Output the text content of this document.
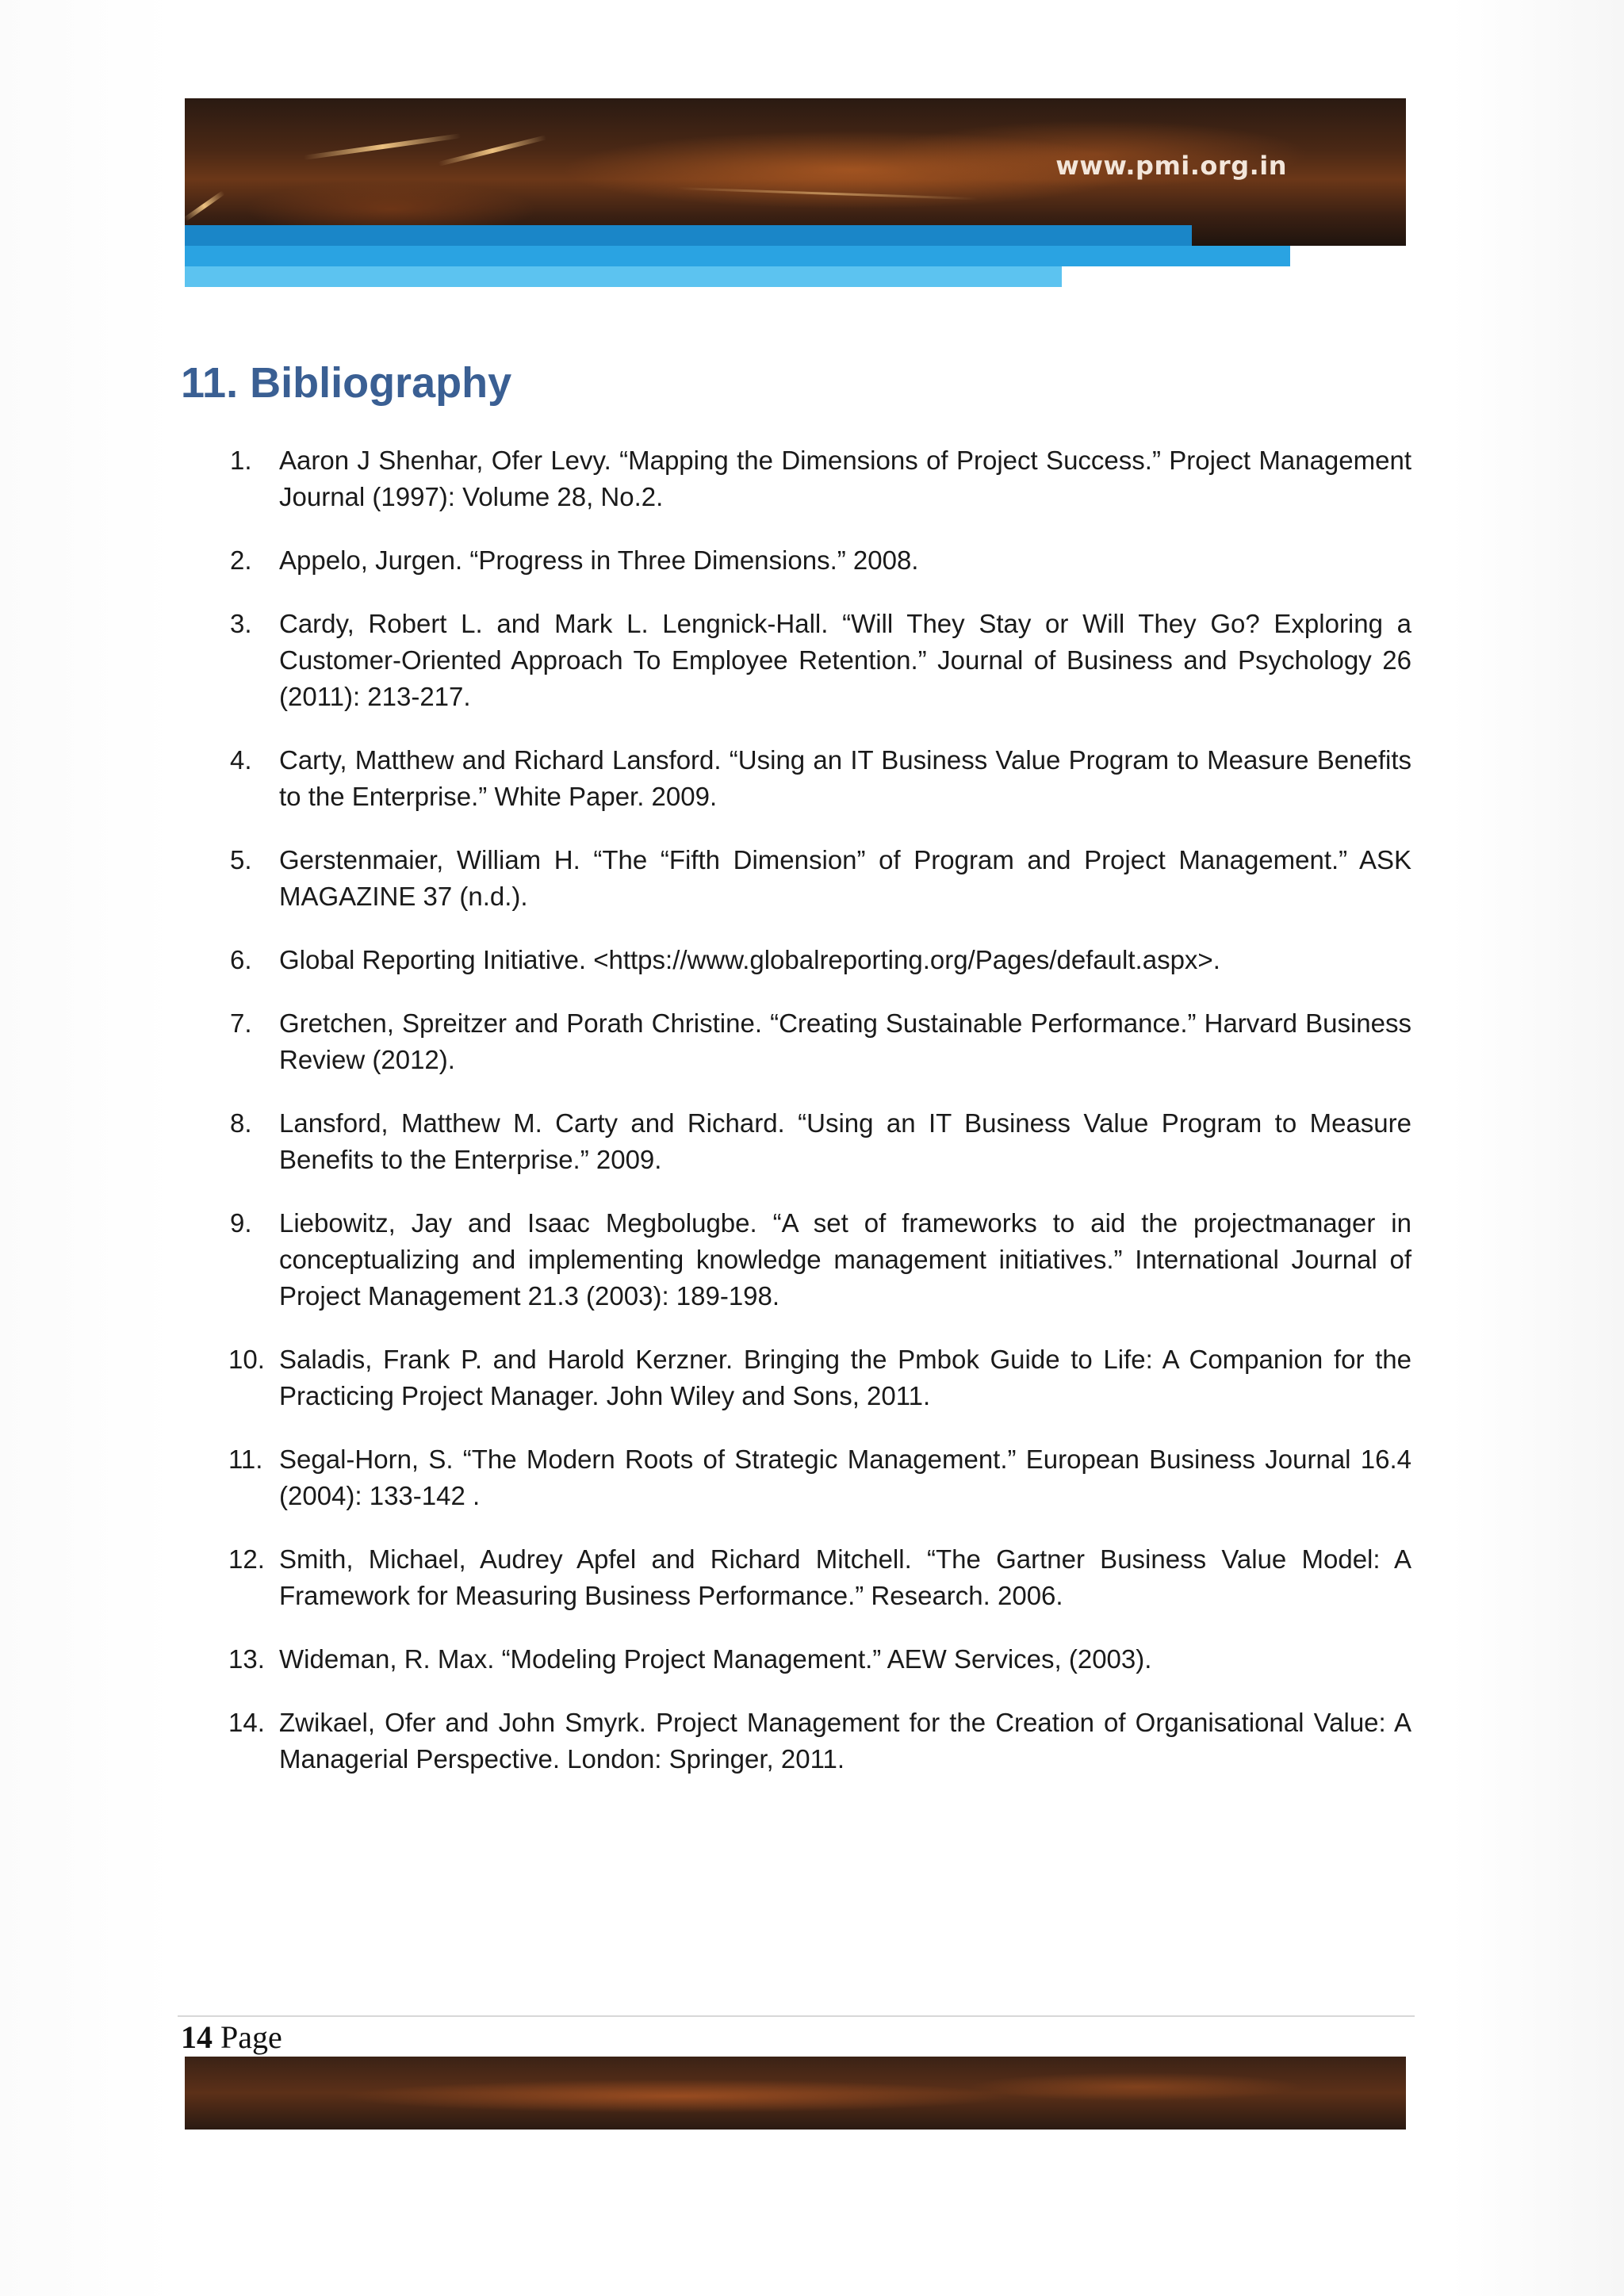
www.pmi.org.in
11. Bibliography
1. Aaron J Shenhar, Ofer Levy. “Mapping the Dimensions of Project Success.” Project Management Journal (1997): Volume 28, No.2.
2. Appelo, Jurgen. “Progress in Three Dimensions.” 2008.
3. Cardy, Robert L. and Mark L. Lengnick-Hall. “Will They Stay or Will They Go? Exploring a Customer-Oriented Approach To Employee Retention.” Journal of Business and Psychology 26 (2011): 213-217.
4. Carty, Matthew and Richard Lansford. “Using an IT Business Value Program to Measure Benefits to the Enterprise.” White Paper. 2009.
5. Gerstenmaier, William H. “The “Fifth Dimension” of Program and Project Management.” ASK MAGAZINE 37 (n.d.).
6. Global Reporting Initiative. <https://www.globalreporting.org/Pages/default.aspx>.
7. Gretchen, Spreitzer and Porath Christine. “Creating Sustainable Performance.” Harvard Business Review (2012).
8. Lansford, Matthew M. Carty and Richard. “Using an IT Business Value Program to Measure Benefits to the Enterprise.” 2009.
9. Liebowitz, Jay and Isaac Megbolugbe. “A set of frameworks to aid the projectmanager in conceptualizing and implementing knowledge management initiatives.” International Journal of Project Management 21.3 (2003): 189-198.
10. Saladis, Frank P. and Harold Kerzner. Bringing the Pmbok Guide to Life: A Companion for the Practicing Project Manager. John Wiley and Sons, 2011.
11. Segal-Horn, S. “The Modern Roots of Strategic Management.” European Business Journal 16.4 (2004): 133-142 .
12. Smith, Michael, Audrey Apfel and Richard Mitchell. “The Gartner Business Value Model: A Framework for Measuring Business Performance.” Research. 2006.
13. Wideman, R. Max. “Modeling Project Management.” AEW Services, (2003).
14. Zwikael, Ofer and John Smyrk. Project Management for the Creation of Organisational Value: A Managerial Perspective. London: Springer, 2011.
14 Page
